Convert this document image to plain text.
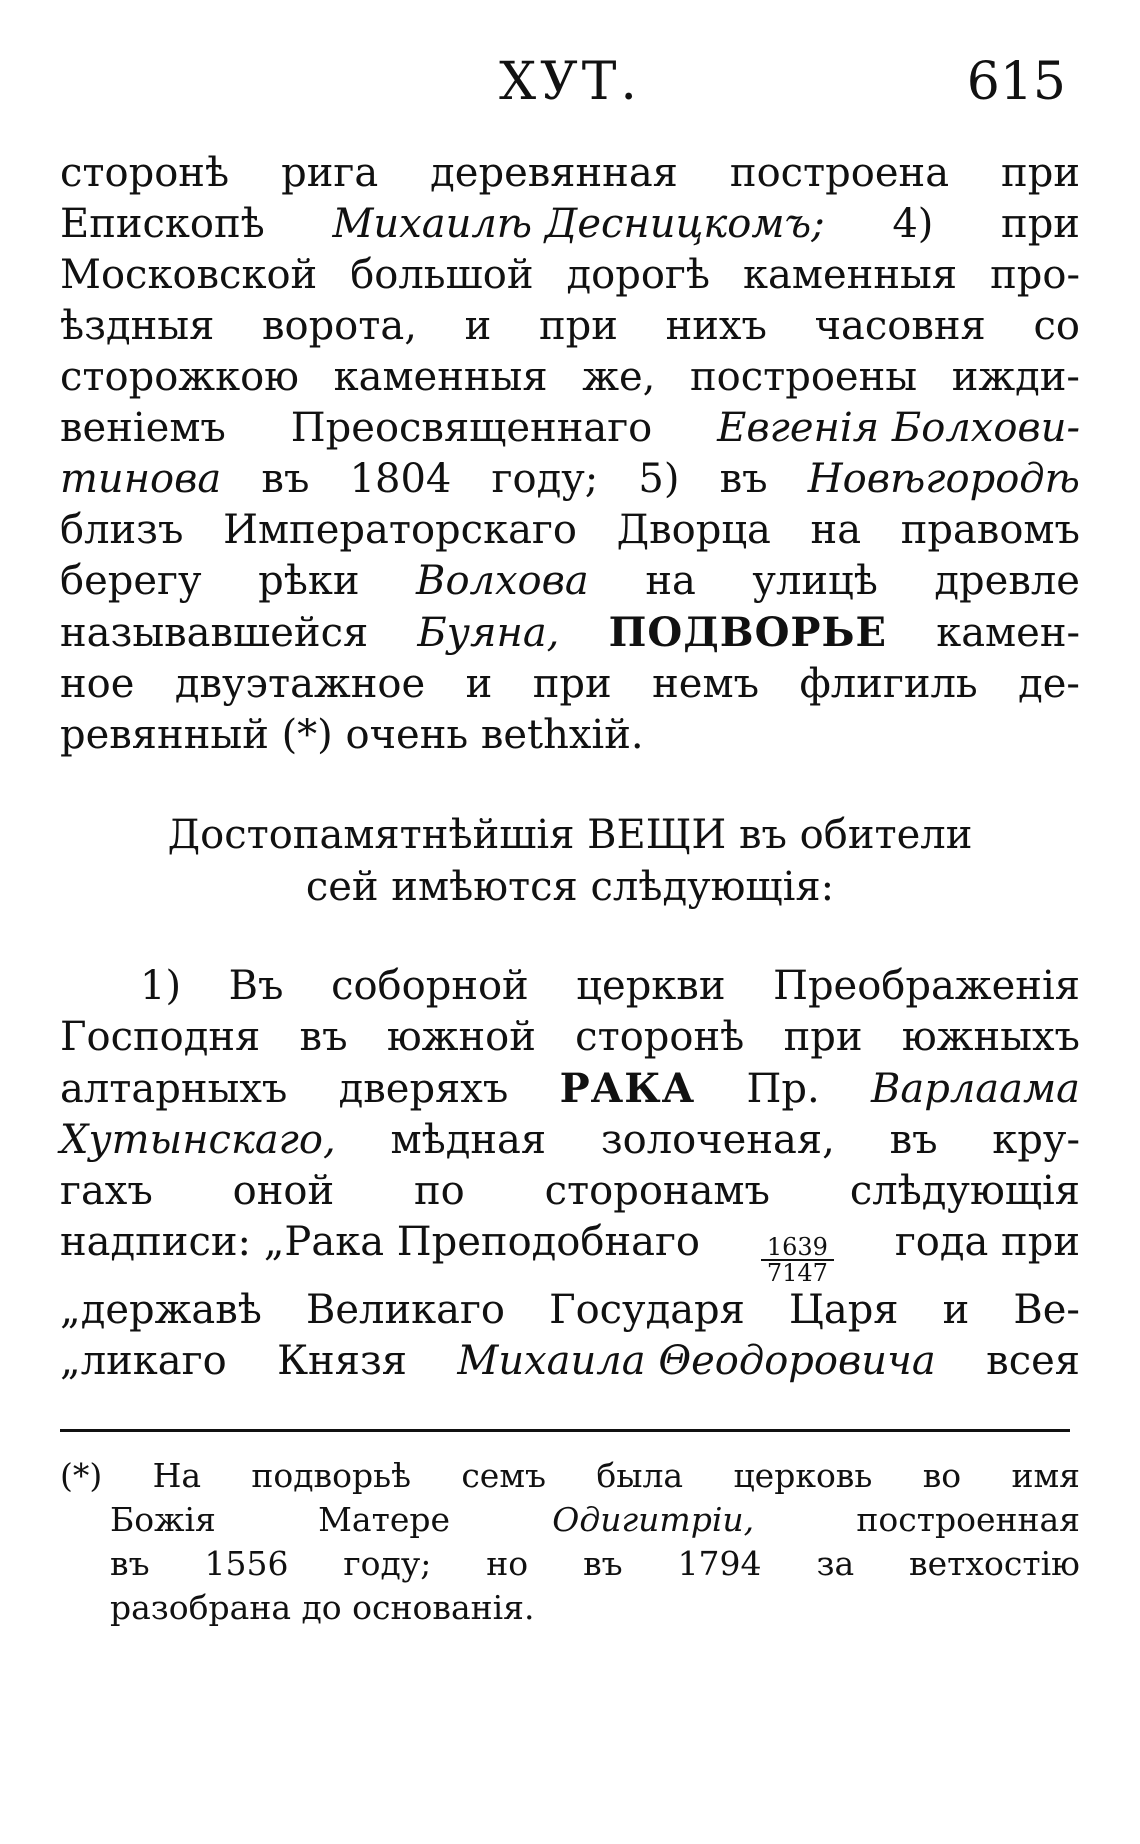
ХУТ.	615
сторонѣ рига деревянная построена при
Епископѣ Михаилѣ Десницкомъ; 4) при
Московской большой дорогѣ каменныя про-
ѣздныя ворота, и при нихъ часовня со
сторожкою каменныя же, построены ижди-
веніемъ Преосвященнаго Евгенія Болхови-
тинова въ 1804 году; 5) въ Новѣгородѣ
близъ Императорскаго Дворца на правомъ
берегу рѣки Волхова на улицѣ древле
называвшейся Буяна, ПОДВОРЬЕ камен-
ное двуэтажное и при немъ флигиль де-
ревянный (*) очень вethхій.
Достопамятнѣйшія ВЕЩИ въ обители
сей имѣются слѣдующія:
1) Въ соборной церкви Преображенія
Господня въ южной сторонѣ при южныхъ
алтарныхъ дверяхъ РАКА Пр. Варлаама
Хутынскаго, мѣдная золоченая, въ кру-
гахъ оной по сторонамъ слѣдующія
надписи: „Рака Преподобнаго	$\frac{1639}{7147}$ года при
„державѣ Великаго Государя Царя и Ве-
„ликаго Князя Михаила Θеодоровича всея
(*) На подворьѣ семъ была церковь во имя
Божія	Матере	Одигитріи,	построенная
въ 1556 году; но въ 1794 за ветхостію
разобрана до основанія.
